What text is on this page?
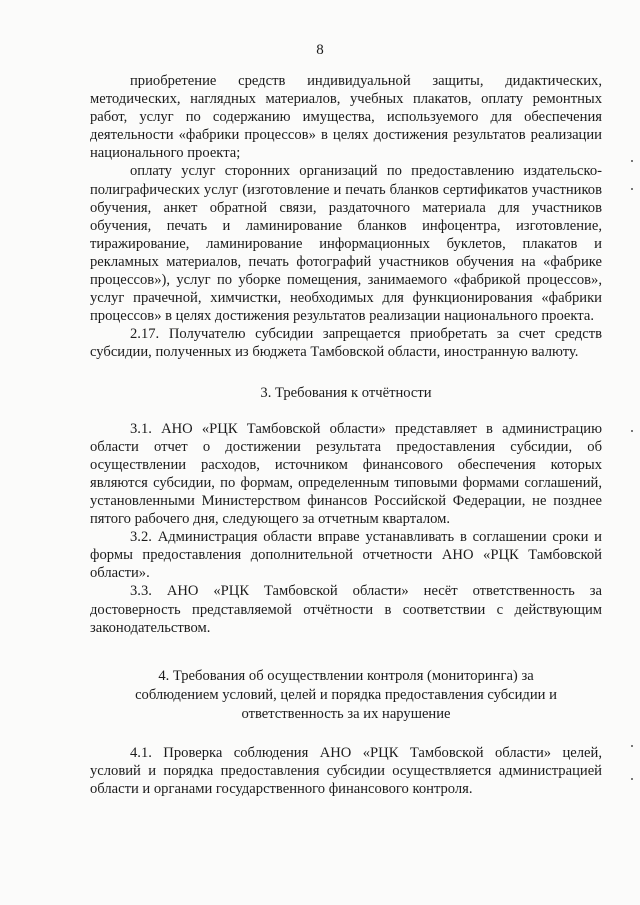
8

приобретение средств индивидуальной защиты, дидактических, методических, наглядных материалов, учебных плакатов, оплату ремонтных работ, услуг по содержанию имущества, используемого для обеспечения деятельности «фабрики процессов» в целях достижения результатов реализации национального проекта;

оплату услуг сторонних организаций по предоставлению издательско-полиграфических услуг (изготовление и печать бланков сертификатов участников обучения, анкет обратной связи, раздаточного материала для участников обучения, печать и ламинирование бланков инфоцентра, изготовление, тиражирование, ламинирование информационных буклетов, плакатов и рекламных материалов, печать фотографий участников обучения на «фабрике процессов»), услуг по уборке помещения, занимаемого «фабрикой процессов», услуг прачечной, химчистки, необходимых для функционирования «фабрики процессов» в целях достижения результатов реализации национального проекта.

2.17. Получателю субсидии запрещается приобретать за счет средств субсидии, полученных из бюджета Тамбовской области, иностранную валюту.

3. Требования к отчётности

3.1. АНО «РЦК Тамбовской области» представляет в администрацию области отчет о достижении результата предоставления субсидии, об осуществлении расходов, источником финансового обеспечения которых являются субсидии, по формам, определенным типовыми формами соглашений, установленными Министерством финансов Российской Федерации, не позднее пятого рабочего дня, следующего за отчетным кварталом.

3.2. Администрация области вправе устанавливать в соглашении сроки и формы предоставления дополнительной отчетности АНО «РЦК Тамбовской области».

3.3. АНО «РЦК Тамбовской области» несёт ответственность за достоверность представляемой отчётности в соответствии с действующим законодательством.

4. Требования об осуществлении контроля (мониторинга) за
соблюдением условий, целей и порядка предоставления субсидии и
ответственность за их нарушение

4.1. Проверка соблюдения АНО «РЦК Тамбовской области» целей, условий и порядка предоставления субсидии осуществляется администрацией области и органами государственного финансового контроля.
